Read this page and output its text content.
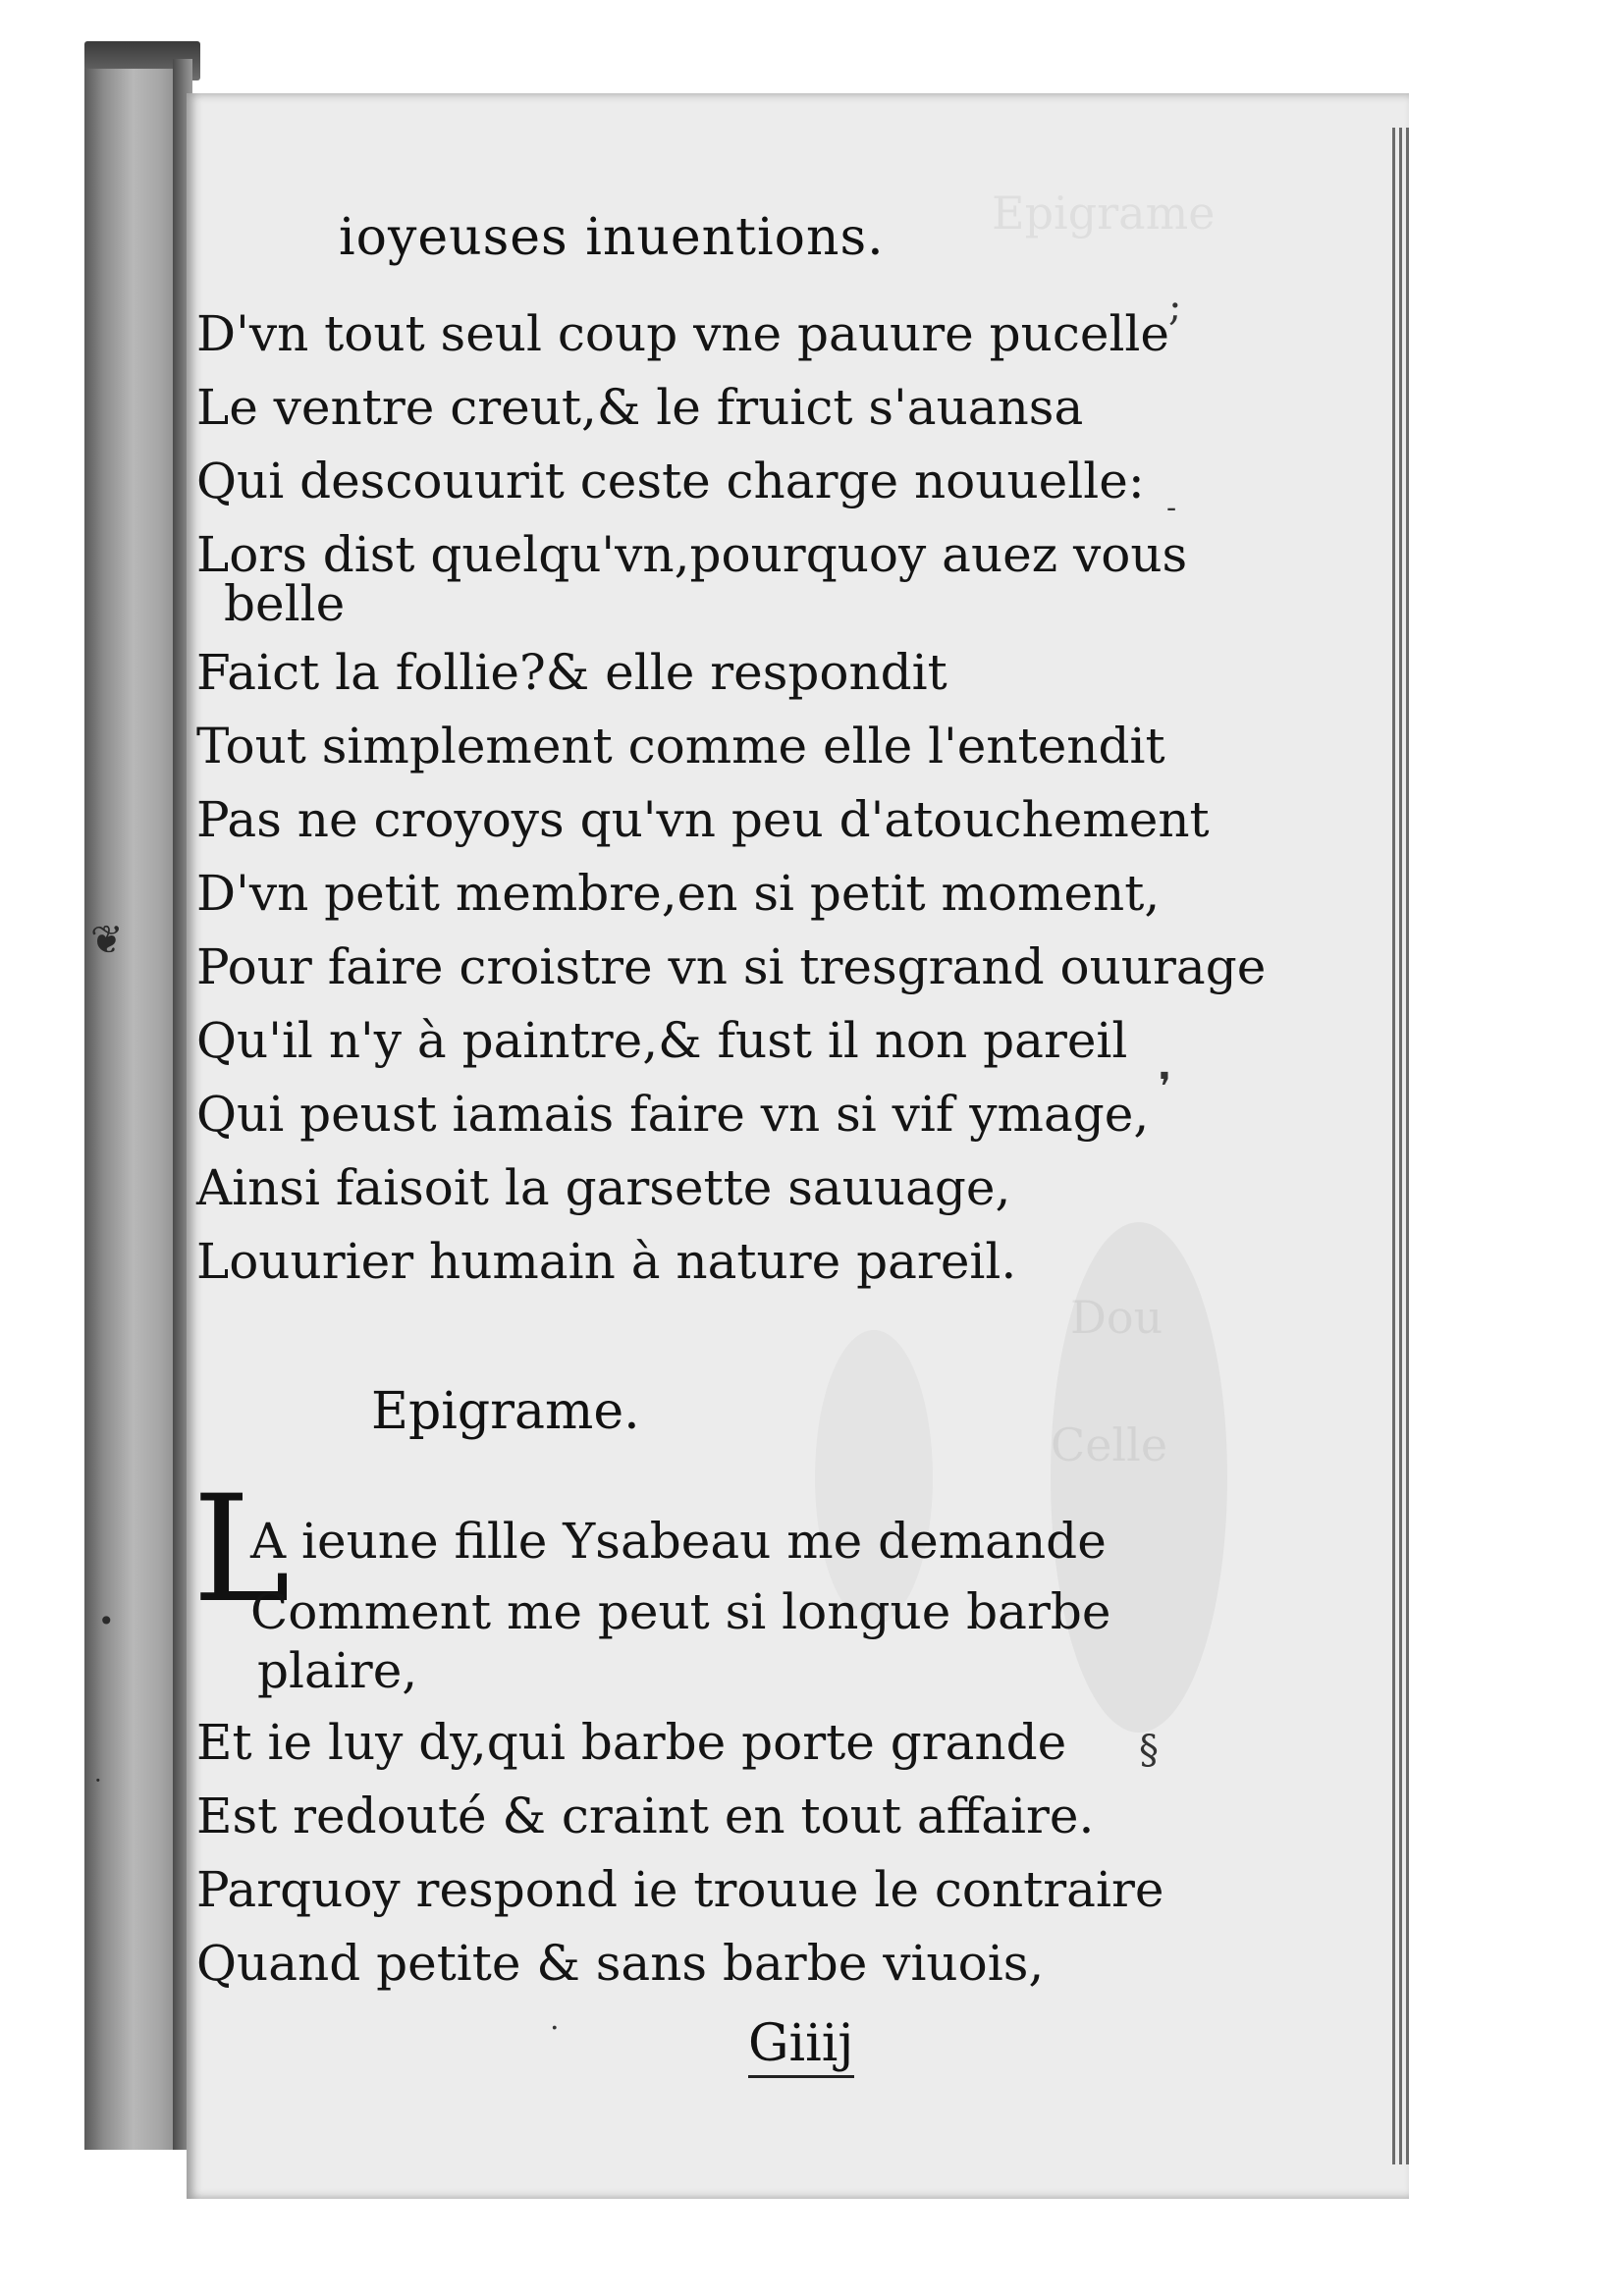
❦
•
·
Epigrame
Dou
Celle
ioyeuses inuentions.
D'vn tout seul coup vne pauure pucelle
Le ventre creut,& le fruict s'auansa
Qui descouurit ceste charge nouuelle:
Lors dist quelqu'vn,pourquoy auez vous
belle
Faict la follie?& elle respondit
Tout simplement comme elle l'entendit
Pas ne croyoys qu'vn peu d'atouchement
D'vn petit membre,en si petit moment,
Pour faire croistre vn si tresgrand ouurage
Qu'il n'y à paintre,& fust il non pareil
Qui peust iamais faire vn si vif ymage,
Ainsi faisoit la garsette sauuage,
Louurier humain à nature pareil.
Epigrame.
L
A ieune fille Ysabeau me demande
Comment me peut si longue barbe
plaire,
Et ie luy dy,qui barbe porte grande
Est redouté & craint en tout affaire.
Parquoy respond ie trouue le contraire
Quand petite & sans barbe viuois,
Giiij
;
❜
§
-
.
